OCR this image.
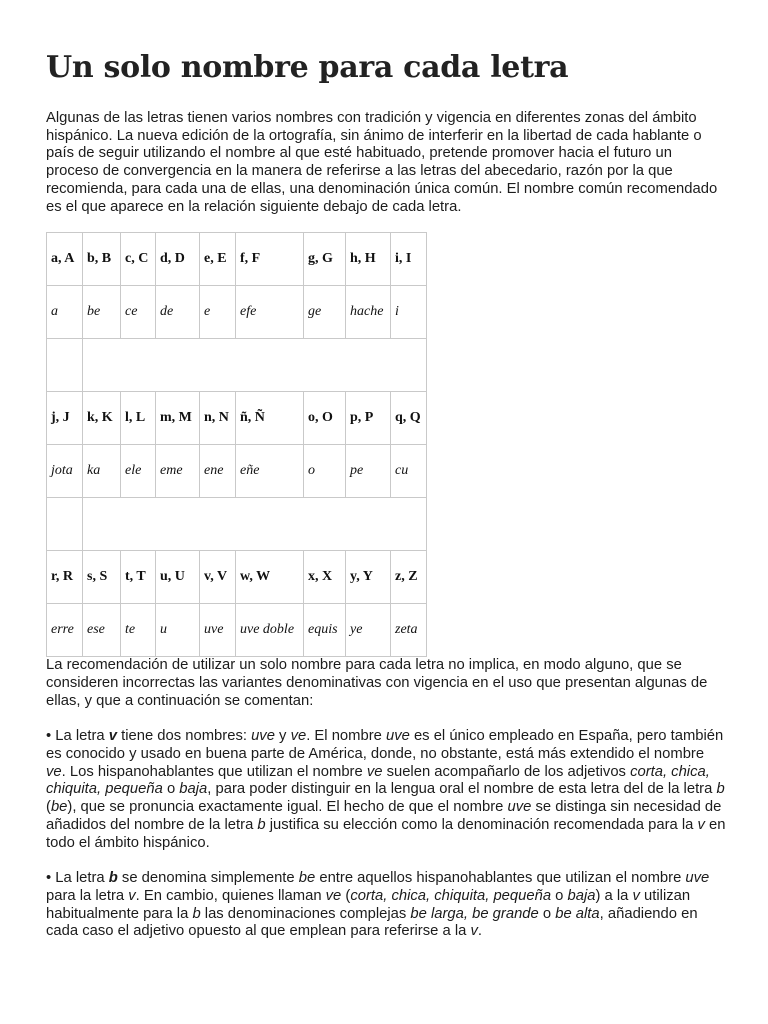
Un solo nombre para cada letra

Algunas de las letras tienen varios nombres con tradición y vigencia en diferentes zonas del ámbito hispánico. La nueva edición de la ortografía, sin ánimo de interferir en la libertad de cada hablante o país de seguir utilizando el nombre al que esté habituado, pretende promover hacia el futuro un proceso de convergencia en la manera de referirse a las letras del abecedario, razón por la que recomienda, para cada una de ellas, una denominación única común. El nombre común recomendado es el que aparece en la relación siguiente debajo de cada letra.

a, A	b, B	c, C	d, D	e, E	f, F	g, G	h, H	i, I
a	be	ce	de	e	efe	ge	hache	i

j, J	k, K	l, L	m, M	n, N	ñ, Ñ	o, O	p, P	q, Q
jota	ka	ele	eme	ene	eñe	o	pe	cu

r, R	s, S	t, T	u, U	v, V	w, W	x, X	y, Y	z, Z
erre	ese	te	u	uve	uve doble	equis	ye	zeta

La recomendación de utilizar un solo nombre para cada letra no implica, en modo alguno, que se consideren incorrectas las variantes denominativas con vigencia en el uso que presentan algunas de ellas, y que a continuación se comentan:

• La letra v tiene dos nombres: uve y ve. El nombre uve es el único empleado en España, pero también es conocido y usado en buena parte de América, donde, no obstante, está más extendido el nombre ve. Los hispanohablantes que utilizan el nombre ve suelen acompañarlo de los adjetivos corta, chica, chiquita, pequeña o baja, para poder distinguir en la lengua oral el nombre de esta letra del de la letra b (be), que se pronuncia exactamente igual. El hecho de que el nombre uve se distinga sin necesidad de añadidos del nombre de la letra b justifica su elección como la denominación recomendada para la v en todo el ámbito hispánico.

• La letra b se denomina simplemente be entre aquellos hispanohablantes que utilizan el nombre uve para la letra v. En cambio, quienes llaman ve (corta, chica, chiquita, pequeña o baja) a la v utilizan habitualmente para la b las denominaciones complejas be larga, be grande o be alta, añadiendo en cada caso el adjetivo opuesto al que emplean para referirse a la v.
